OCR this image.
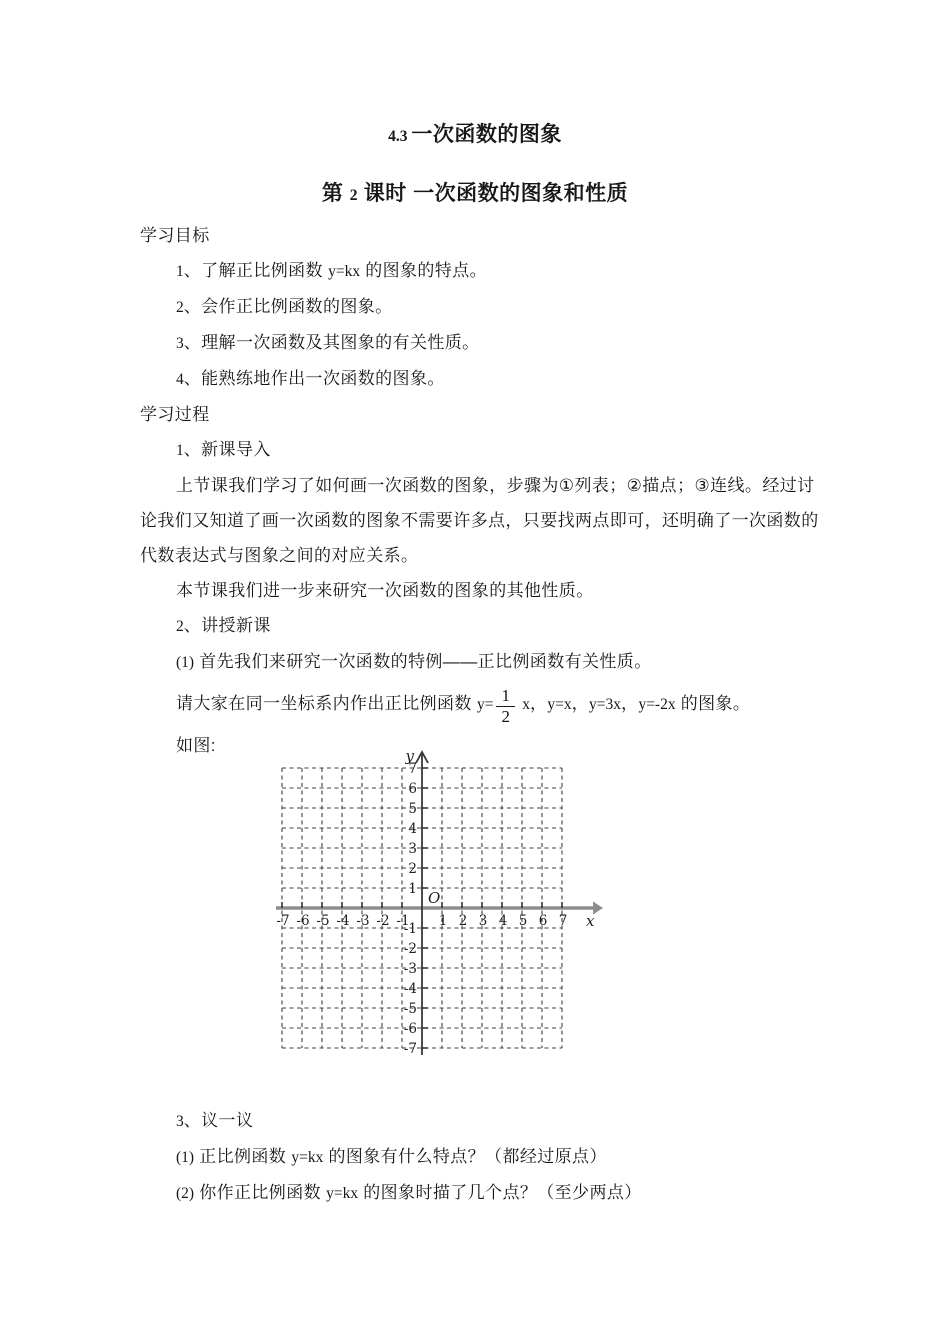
4.3 一次函数的图象
第 2 课时 一次函数的图象和性质
学习目标
1、了解正比例函数 y=kx 的图象的特点。
2、会作正比例函数的图象。
3、理解一次函数及其图象的有关性质。
4、能熟练地作出一次函数的图象。
学习过程
1、新课导入
上节课我们学习了如何画一次函数的图象，步骤为①列表；②描点；③连线。经过讨
论我们又知道了画一次函数的图象不需要许多点，只要找两点即可，还明确了一次函数的
代数表达式与图象之间的对应关系。
本节课我们进一步来研究一次函数的图象的其他性质。
2、讲授新课
(1) 首先我们来研究一次函数的特例——正比例函数有关性质。
请大家在同一坐标系内作出正比例函数 $y= \frac{1}{2}$ x，y=x，y=3x，y=-2x 的图象。
如图:
3、议一议
(1) 正比例函数 y=kx 的图象有什么特点？（都经过原点）
(2) 你作正比例函数 y=kx 的图象时描了几个点？（至少两点）
-7 -6 -5 -4 -3 -2 -1 1 2 3 4 5 6 7
7
6
5
4
3
2
1
-1
-2
-3
-4
-5
-6
-7
y
x
O
